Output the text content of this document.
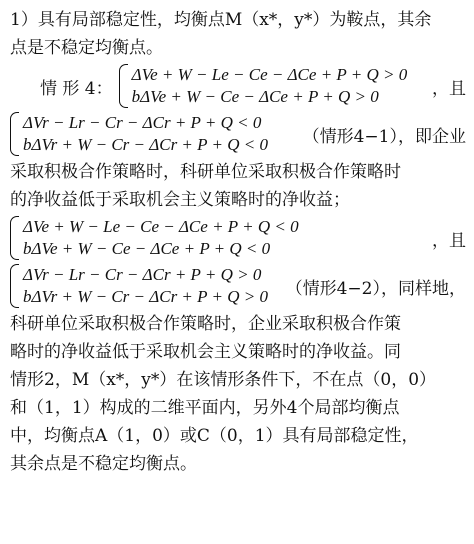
1）具有局部稳定性，均衡点M（x*，y*）为鞍点，其余
点是不稳定均衡点。
情 形 4：
ΔVe + W − Le − Ce − ΔCe + P + Q > 0
bΔVe + W − Ce − ΔCe + P + Q > 0	，且
ΔVr − Lr − Cr − ΔCr + P + Q < 0
bΔVr + W − Cr − ΔCr + P + Q < 0 （情形4−1），即企业
采取积极合作策略时，科研单位采取积极合作策略时
的净收益低于采取机会主义策略时的净收益；
ΔVe + W − Le − Ce − ΔCe + P + Q < 0
bΔVe + W − Ce − ΔCe + P + Q < 0	，且
ΔVr − Lr − Cr − ΔCr + P + Q > 0
bΔVr + W − Cr − ΔCr + P + Q > 0 （情形4−2），同样地，
科研单位采取积极合作策略时，企业采取积极合作策
略时的净收益低于采取机会主义策略时的净收益。同
情形2，M（x*，y*）在该情形条件下，不在点（0，0）
和（1，1）构成的二维平面内，另外4个局部均衡点
中，均衡点A（1，0）或C（0，1）具有局部稳定性，
其余点是不稳定均衡点。
